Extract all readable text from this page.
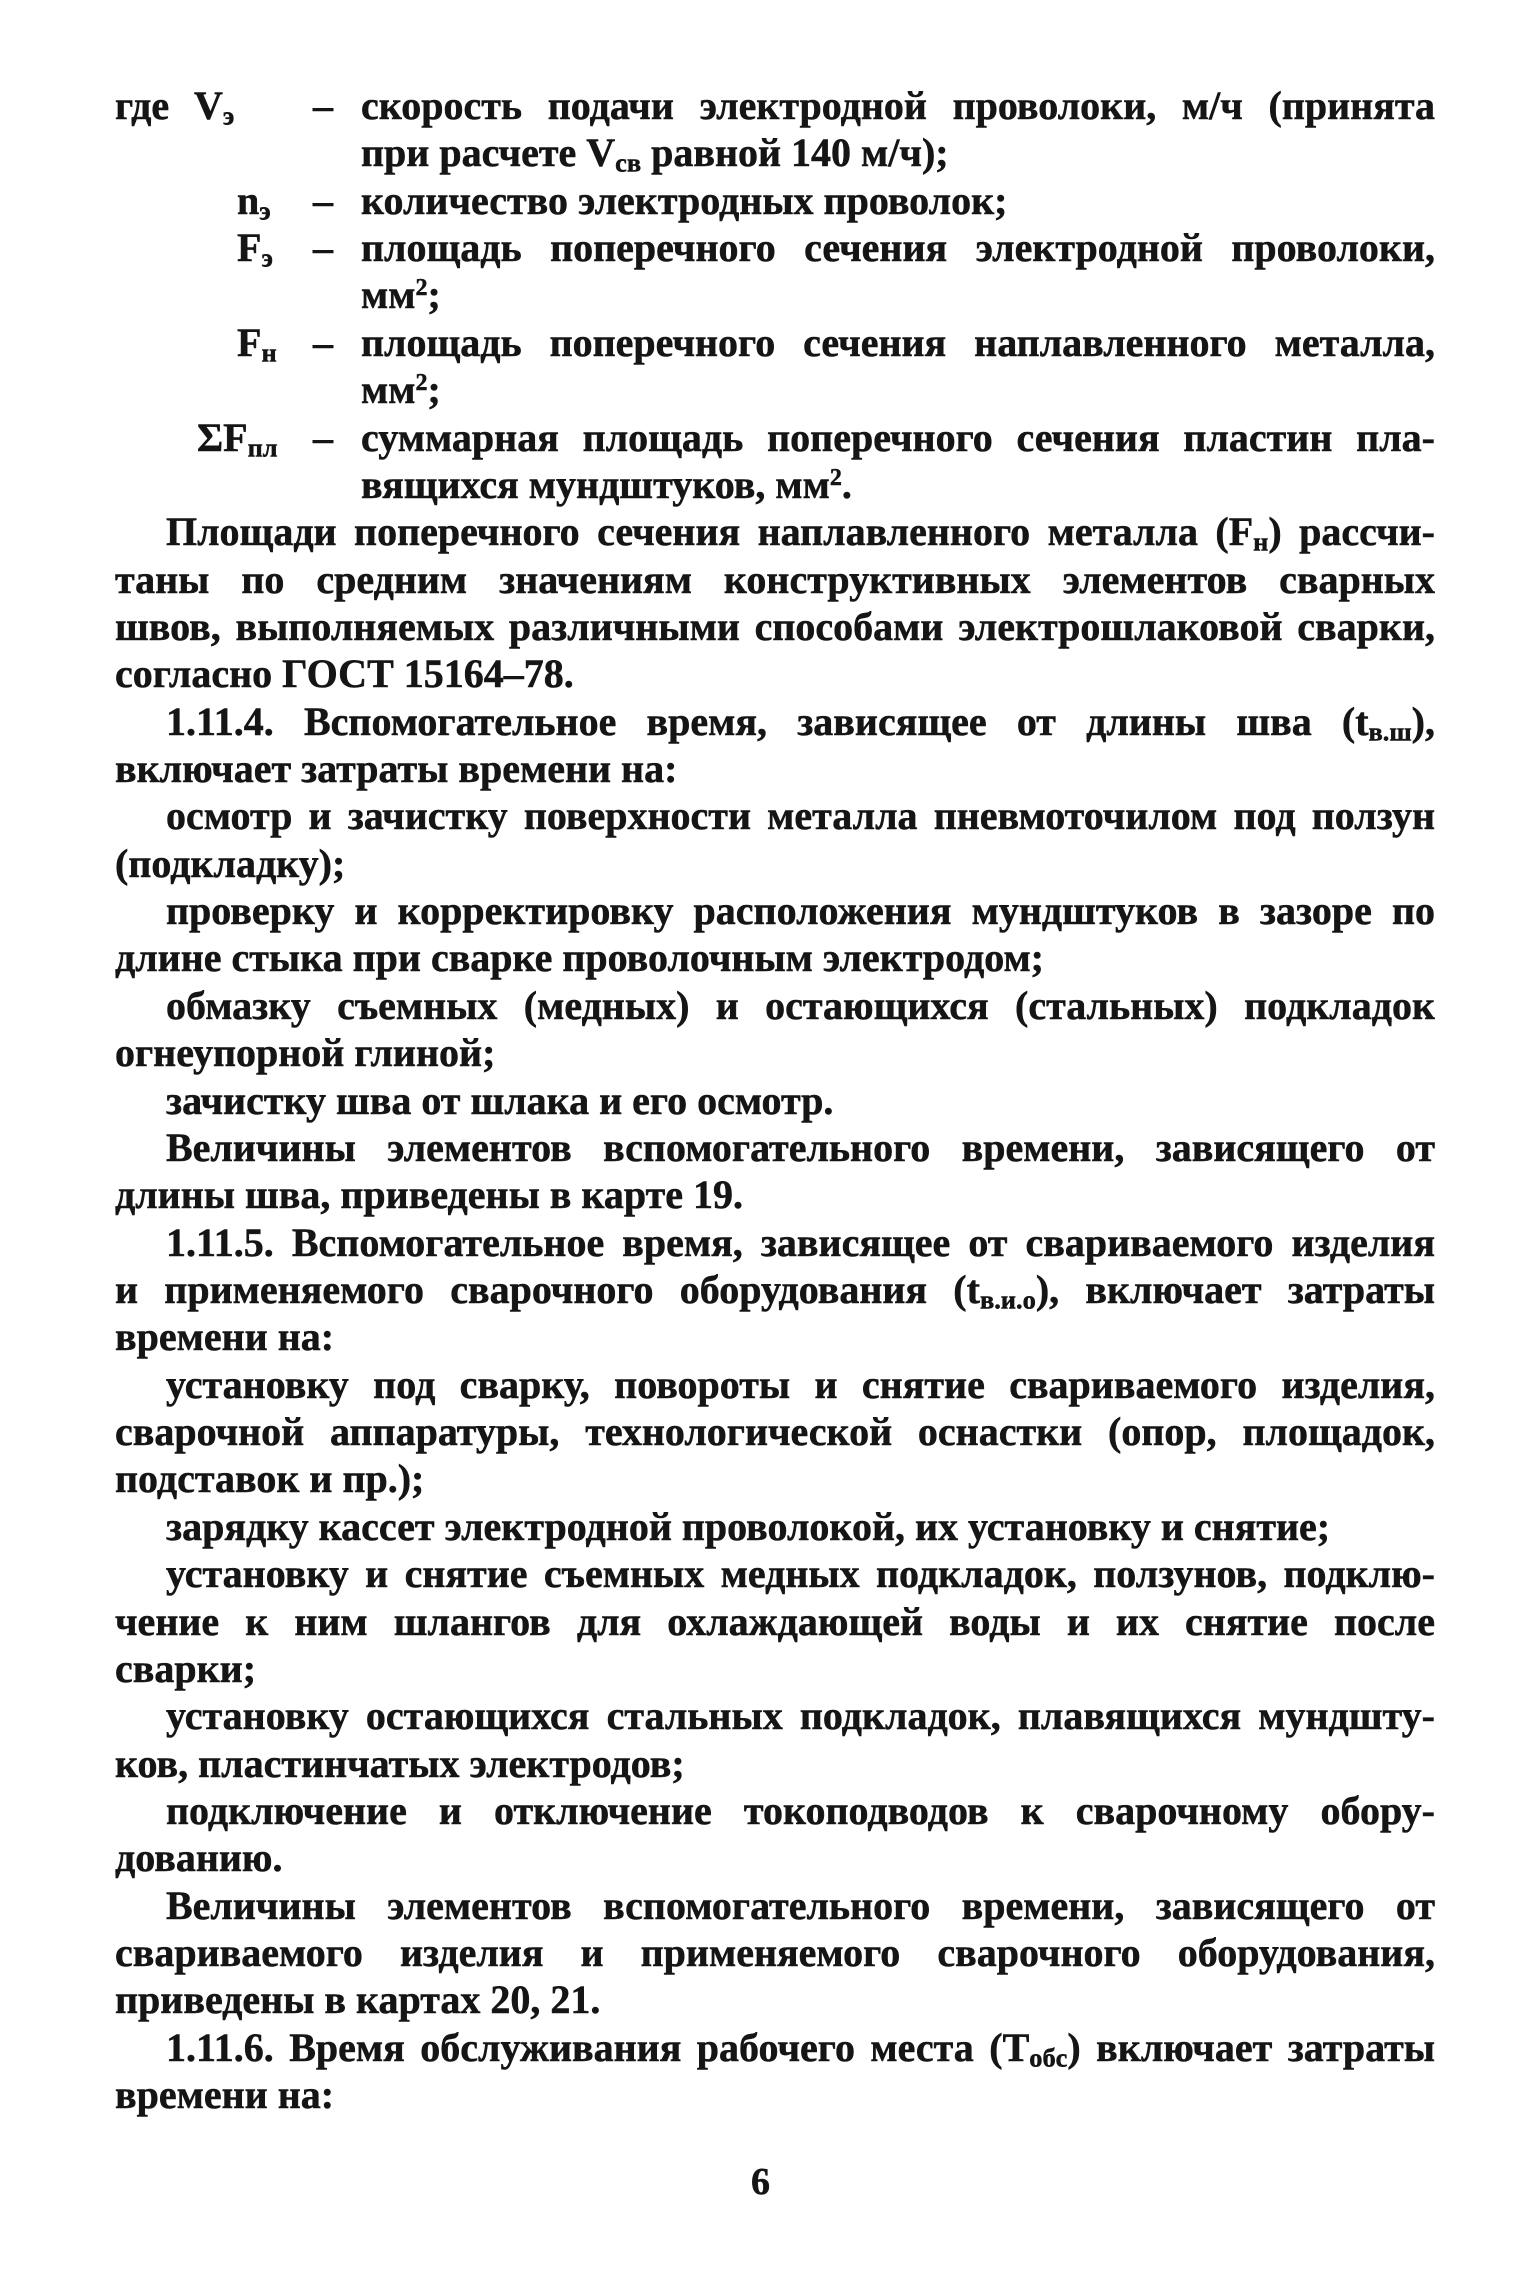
где $V_э$ – скорость подачи электродной проволоки, м/ч (принята
при расчете $V_{св}$ равной 140 м/ч);
$n_э$ – количество электродных проволок;
$F_э$ – площадь поперечного сечения электродной проволоки,
$мм^2$;
$F_н$ – площадь поперечного сечения наплавленного металла,
$мм^2$;
$\Sigma F_{пл}$ – суммарная площадь поперечного сечения пластин пла-
вящихся мундштуков, $мм^2$.
Площади поперечного сечения наплавленного металла $(F_н)$ рассчи-
таны по средним значениям конструктивных элементов сварных
швов, выполняемых различными способами электрошлаковой сварки,
согласно ГОСТ 15164–78.
1.11.4. Вспомогательное время, зависящее от длины шва $(t_{в.ш})$,
включает затраты времени на:
осмотр и зачистку поверхности металла пневмоточилом под ползун
(подкладку);
проверку и корректировку расположения мундштуков в зазоре по
длине стыка при сварке проволочным электродом;
обмазку съемных (медных) и остающихся (стальных) подкладок
огнеупорной глиной;
зачистку шва от шлака и его осмотр.
Величины элементов вспомогательного времени, зависящего от
длины шва, приведены в карте 19.
1.11.5. Вспомогательное время, зависящее от свариваемого изделия
и применяемого сварочного оборудования $(t_{в.и.о})$, включает затраты
времени на:
установку под сварку, повороты и снятие свариваемого изделия,
сварочной аппаратуры, технологической оснастки (опор, площадок,
подставок и пр.);
зарядку кассет электродной проволокой, их установку и снятие;
установку и снятие съемных медных подкладок, ползунов, подклю-
чение к ним шлангов для охлаждающей воды и их снятие после
сварки;
установку остающихся стальных подкладок, плавящихся мундшту-
ков, пластинчатых электродов;
подключение и отключение токоподводов к сварочному обору-
дованию.
Величины элементов вспомогательного времени, зависящего от
свариваемого изделия и применяемого сварочного оборудования,
приведены в картах 20, 21.
1.11.6. Время обслуживания рабочего места $(T_{обс})$ включает затраты
времени на:
6
